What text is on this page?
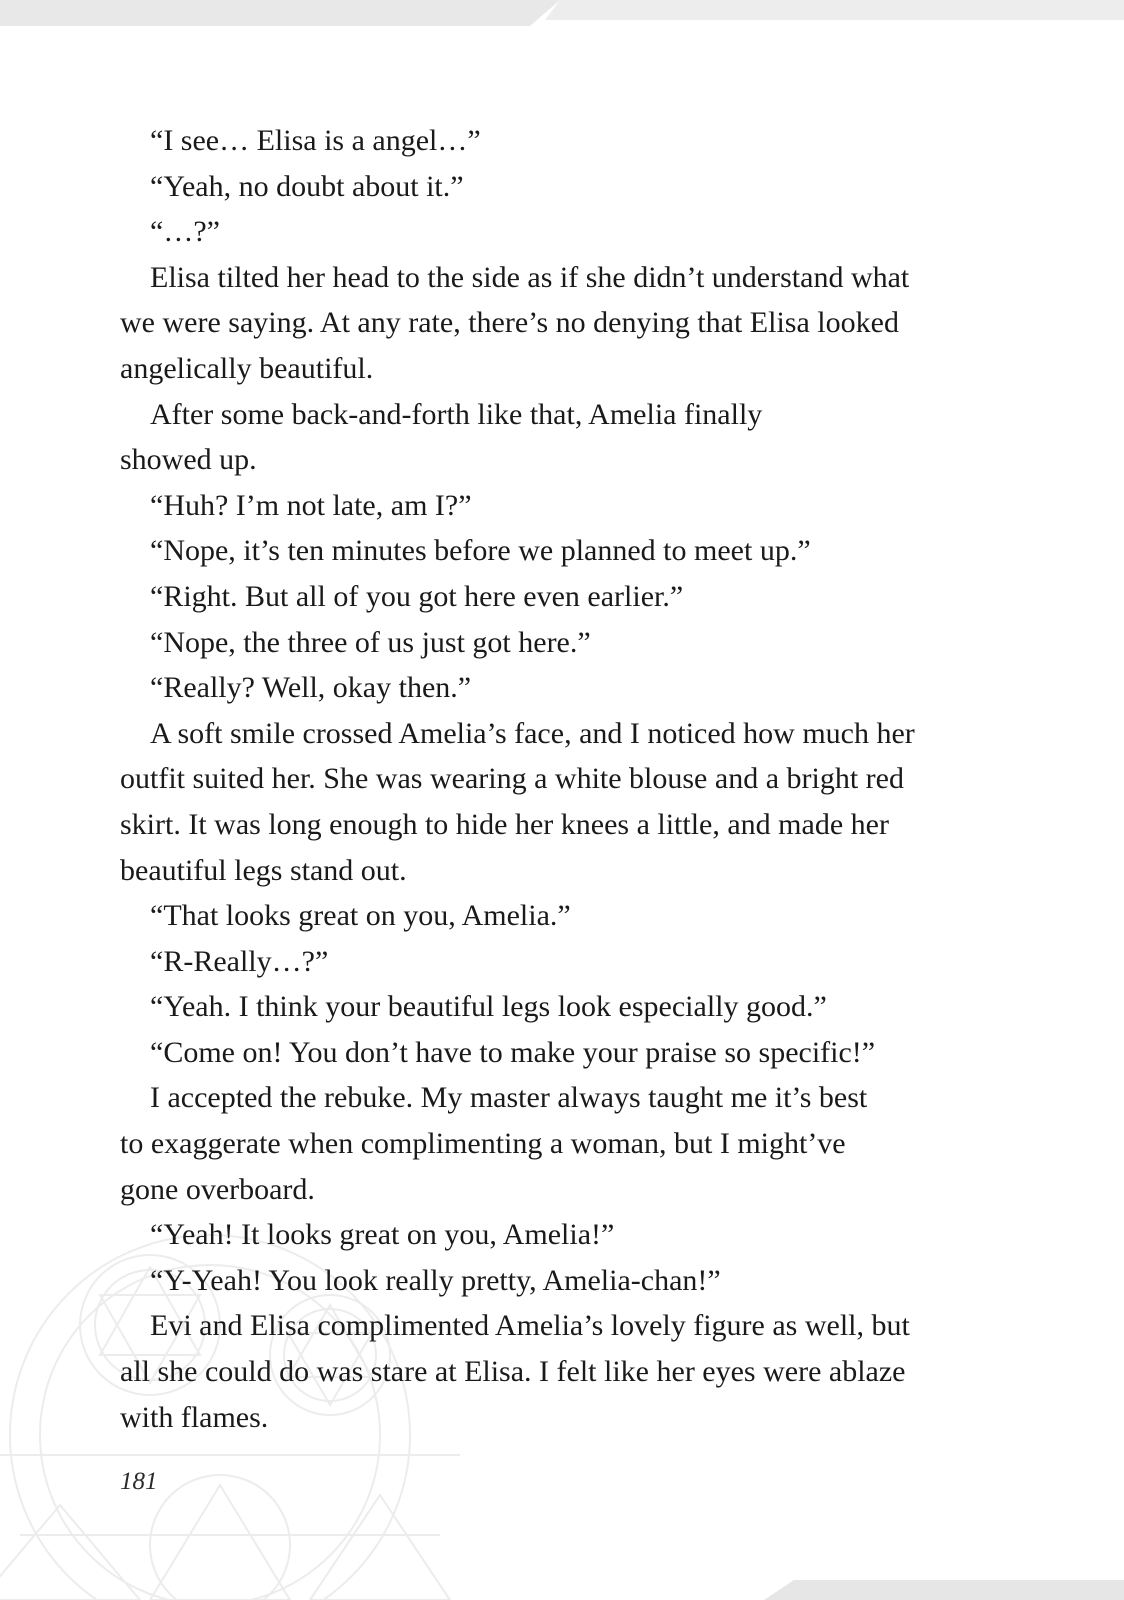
“I see… Elisa is a angel…”
“Yeah, no doubt about it.”
“…?”
Elisa tilted her head to the side as if she didn’t understand what
we were saying. At any rate, there’s no denying that Elisa looked
angelically beautiful.
After some back-and-forth like that, Amelia finally
showed up.
“Huh? I’m not late, am I?”
“Nope, it’s ten minutes before we planned to meet up.”
“Right. But all of you got here even earlier.”
“Nope, the three of us just got here.”
“Really? Well, okay then.”
A soft smile crossed Amelia’s face, and I noticed how much her
outfit suited her. She was wearing a white blouse and a bright red
skirt. It was long enough to hide her knees a little, and made her
beautiful legs stand out.
“That looks great on you, Amelia.”
“R-Really…?”
“Yeah. I think your beautiful legs look especially good.”
“Come on! You don’t have to make your praise so specific!”
I accepted the rebuke. My master always taught me it’s best
to exaggerate when complimenting a woman, but I might’ve
gone overboard.
“Yeah! It looks great on you, Amelia!”
“Y-Yeah! You look really pretty, Amelia-chan!”
Evi and Elisa complimented Amelia’s lovely figure as well, but
all she could do was stare at Elisa. I felt like her eyes were ablaze
with flames.
181
